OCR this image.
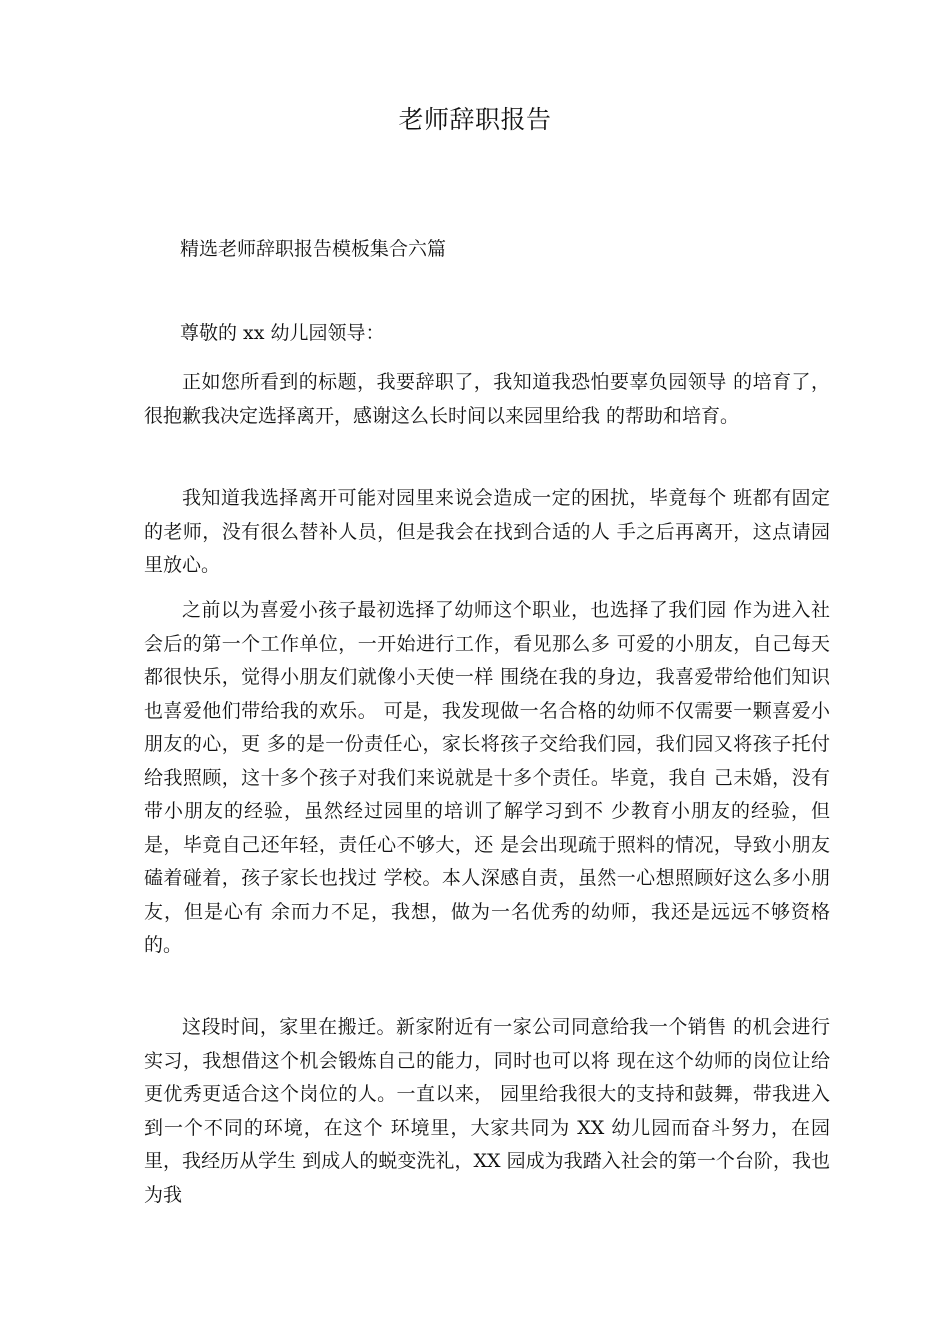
老师辞职报告
精选老师辞职报告模板集合六篇
尊敬的 xx 幼儿园领导：

正如您所看到的标题，我要辞职了，我知道我恐怕要辜负园领导 的培育了，很抱歉我决定选择离开，感谢这么长时间以来园里给我 的帮助和培育。

我知道我选择离开可能对园里来说会造成一定的困扰，毕竟每个 班都有固定的老师，没有很么替补人员，但是我会在找到合适的人 手之后再离开，这点请园里放心。

之前以为喜爱小孩子最初选择了幼师这个职业，也选择了我们园 作为进入社会后的第一个工作单位，一开始进行工作，看见那么多 可爱的小朋友，自己每天都很快乐，觉得小朋友们就像小天使一样 围绕在我的身边，我喜爱带给他们知识也喜爱他们带给我的欢乐。 可是，我发现做一名合格的幼师不仅需要一颗喜爱小朋友的心，更 多的是一份责任心，家长将孩子交给我们园，我们园又将孩子托付 给我照顾，这十多个孩子对我们来说就是十多个责任。毕竟，我自 己未婚，没有带小朋友的经验，虽然经过园里的培训了解学习到不 少教育小朋友的经验，但是，毕竟自己还年轻，责任心不够大，还 是会出现疏于照料的情况，导致小朋友磕着碰着，孩子家长也找过 学校。本人深感自责，虽然一心想照顾好这么多小朋友，但是心有 余而力不足，我想，做为一名优秀的幼师，我还是远远不够资格的。

这段时间，家里在搬迁。新家附近有一家公司同意给我一个销售 的机会进行实习，我想借这个机会锻炼自己的能力，同时也可以将 现在这个幼师的岗位让给更优秀更适合这个岗位的人。一直以来， 园里给我很大的支持和鼓舞，带我进入到一个不同的环境，在这个 环境里，大家共同为 XX 幼儿园而奋斗努力，在园里，我经历从学生 到成人的蜕变洗礼，XX 园成为我踏入社会的第一个台阶，我也为我
